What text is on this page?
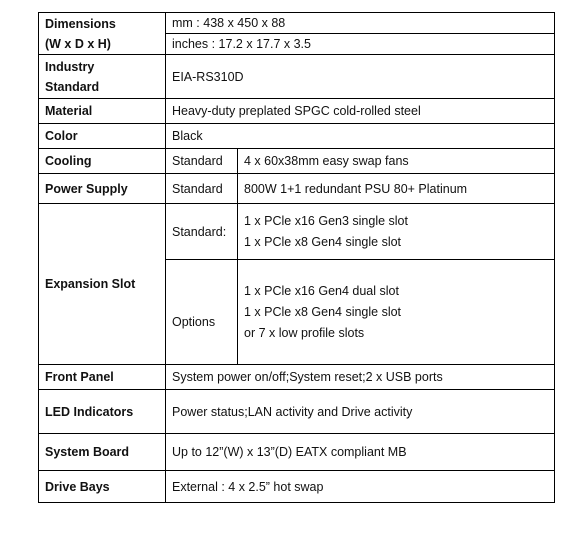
Dimensions
(W x D x H)	mm : 438 x 450 x 88	
	inches : 17.2 x 17.7 x 3.5	

Industry
Standard	EIA-RS310D	
Material	Heavy-duty preplated SPGC cold-rolled steel	
Color	Black	
Cooling	Standard	4 x 60x38mm easy swap fans
Power Supply	Standard	800W 1+1 redundant PSU 80+ Platinum
Expansion Slot	Standard:	1 x PCle x16 Gen3 single slot
1 x PCle x8 Gen4 single slot

	Options	1 x PCle x16 Gen4 dual slot
1 x PCle x8 Gen4 single slot
or 7 x low profile slots

Front Panel	System power on/off;System reset;2 x USB ports	
LED Indicators	Power status;LAN activity and Drive activity	
System Board	Up to 12”(W) x 13”(D) EATX compliant MB	
Drive Bays	External : 4 x 2.5” hot swap	
